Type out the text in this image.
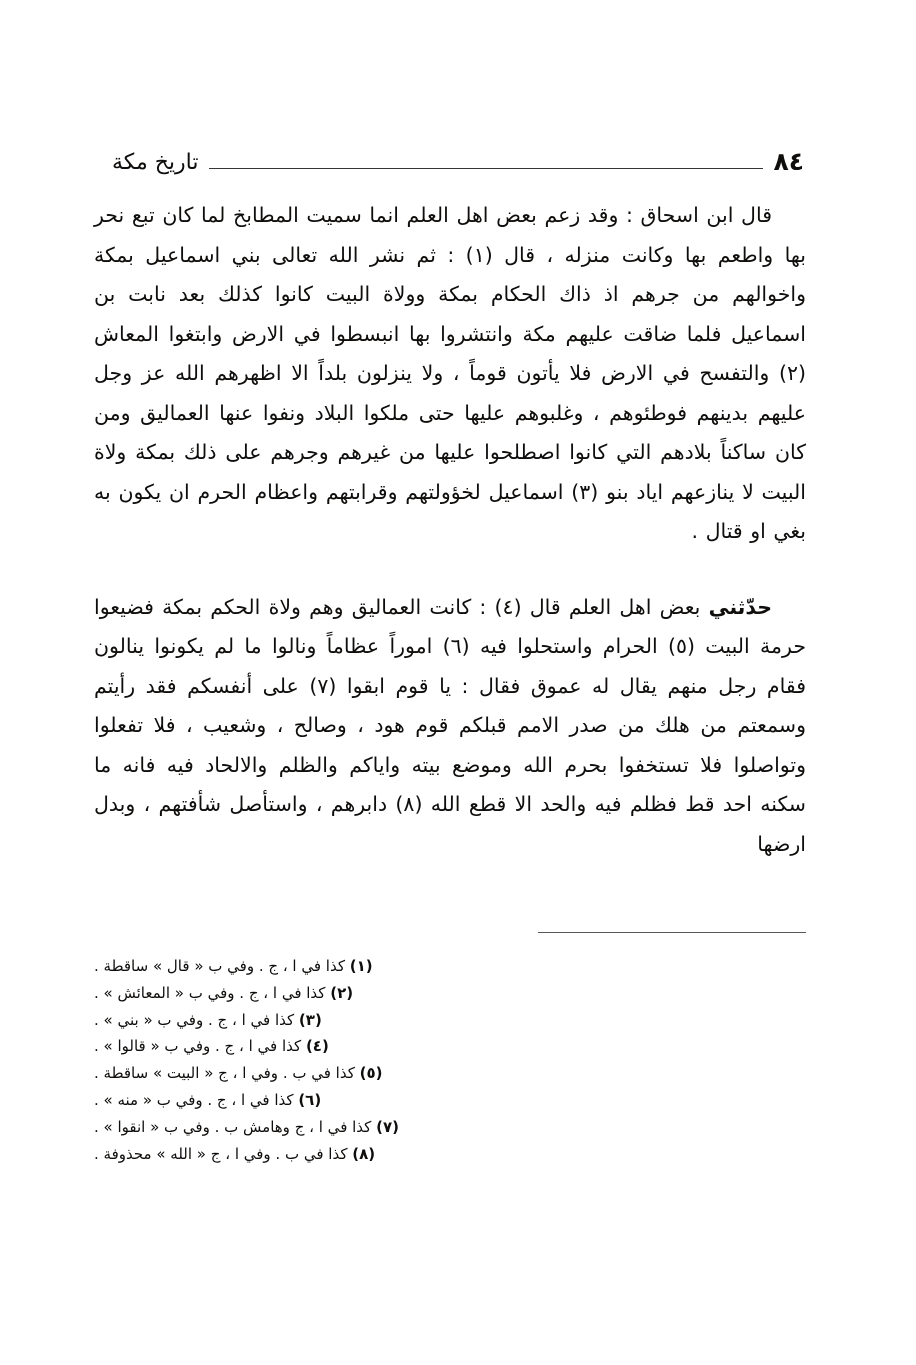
٨٤
تاريخ مكة

قال ابن اسحاق : وقد زعم بعض اهل العلم انما سميت المطابخ لما كان تبع نحر بها واطعم بها وكانت منزله ، قال (١) : ثم نشر الله تعالى بني اسماعيل بمكة واخوالهم من جرهم اذ ذاك الحكام بمكة وولاة البيت كانوا كذلك بعد نابت بن اسماعيل فلما ضاقت عليهم مكة وانتشروا بها انبسطوا في الارض وابتغوا المعاش (٢) والتفسح في الارض فلا يأتون قوماً ، ولا ينزلون بلداً الا اظهرهم الله عز وجل عليهم بدينهم فوطئوهم ، وغلبوهم عليها حتى ملكوا البلاد ونفوا عنها العماليق ومن كان ساكناً بلادهم التي كانوا اصطلحوا عليها من غيرهم وجرهم على ذلك بمكة ولاة البيت لا ينازعهم اياد بنو (٣) اسماعيل لخؤولتهم وقرابتهم واعظام الحرم ان يكون به بغي او قتال .

حدّثني بعض اهل العلم قال (٤) : كانت العماليق وهم ولاة الحكم بمكة فضيعوا حرمة البيت (٥) الحرام واستحلوا فيه (٦) اموراً عظاماً ونالوا ما لم يكونوا ينالون فقام رجل منهم يقال له عموق فقال : يا قوم ابقوا (٧) على أنفسكم فقد رأيتم وسمعتم من هلك من صدر الامم قبلكم قوم هود ، وصالح ، وشعيب ، فلا تفعلوا وتواصلوا فلا تستخفوا بحرم الله وموضع بيته واياكم والظلم والالحاد فيه فانه ما سكنه احد قط فظلم فيه والحد الا قطع الله (٨) دابرهم ، واستأصل شأفتهم ، وبدل ارضها

(١) كذا في ا ، ج . وفي ب « قال » ساقطة .
(٢) كذا في ا ، ج . وفي ب « المعائش » .
(٣) كذا في ا ، ج . وفي ب « بني » .
(٤) كذا في ا ، ج . وفي ب « قالوا » .
(٥) كذا في ب . وفي ا ، ج « البيت » ساقطة .
(٦) كذا في ا ، ج . وفي ب « منه » .
(٧) كذا في ا ، ج وهامش ب . وفي ب « انقوا » .
(٨) كذا في ب . وفي ا ، ج « الله » محذوفة .
